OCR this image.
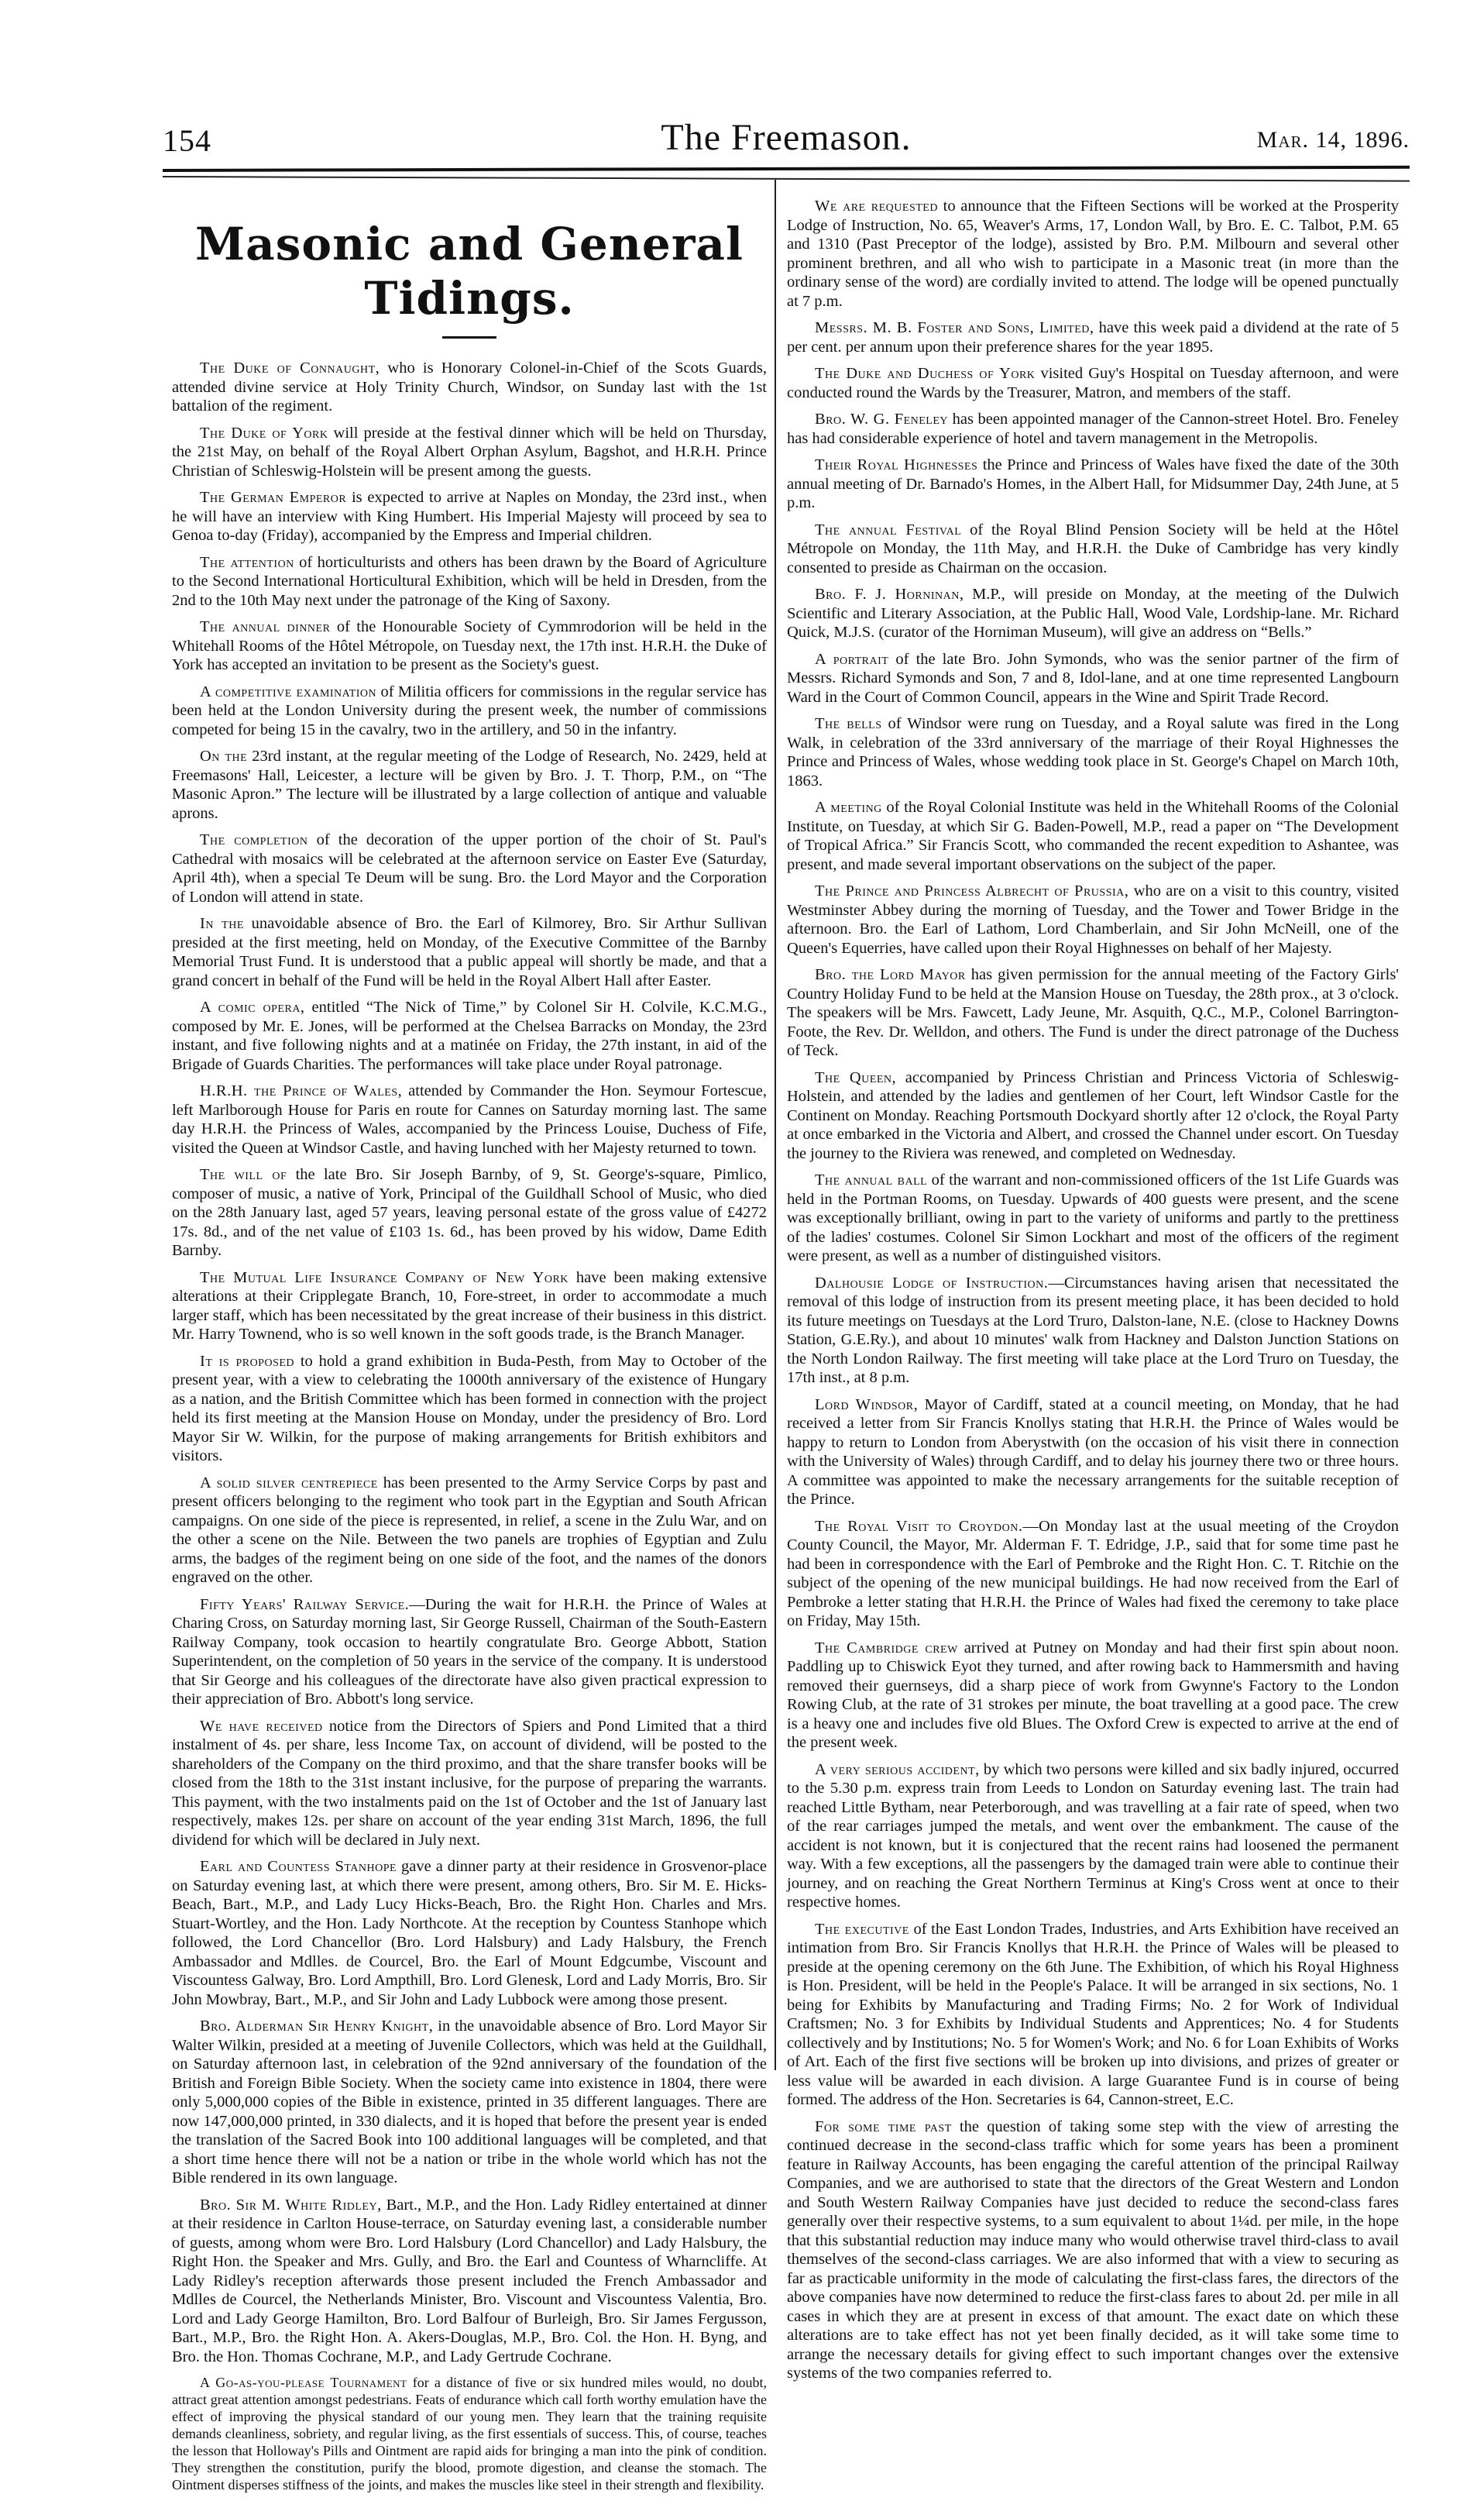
154	The Freemason.	Mar. 14, 1896.
Masonic and General Tidings.

The Duke of Connaught, who is Honorary Colonel-in-Chief of the Scots Guards, attended divine service at Holy Trinity Church, Windsor, on Sunday last with the 1st battalion of the regiment.

The Duke of York will preside at the festival dinner which will be held on Thursday, the 21st May, on behalf of the Royal Albert Orphan Asylum, Bagshot, and H.R.H. Prince Christian of Schleswig-Holstein will be present among the guests.

The German Emperor is expected to arrive at Naples on Monday, the 23rd inst., when he will have an interview with King Humbert. His Imperial Majesty will proceed by sea to Genoa to-day (Friday), accompanied by the Empress and Imperial children.

The attention of horticulturists and others has been drawn by the Board of Agriculture to the Second International Horticultural Exhibition, which will be held in Dresden, from the 2nd to the 10th May next under the patronage of the King of Saxony.

The annual dinner of the Honourable Society of Cymmrodorion will be held in the Whitehall Rooms of the Hôtel Métropole, on Tuesday next, the 17th inst. H.R.H. the Duke of York has accepted an invitation to be present as the Society's guest.

A competitive examination of Militia officers for commissions in the regular service has been held at the London University during the present week, the number of commissions competed for being 15 in the cavalry, two in the artillery, and 50 in the infantry.

On the 23rd instant, at the regular meeting of the Lodge of Research, No. 2429, held at Freemasons' Hall, Leicester, a lecture will be given by Bro. J. T. Thorp, P.M., on “The Masonic Apron.” The lecture will be illustrated by a large collection of antique and valuable aprons.

The completion of the decoration of the upper portion of the choir of St. Paul's Cathedral with mosaics will be celebrated at the afternoon service on Easter Eve (Saturday, April 4th), when a special Te Deum will be sung. Bro. the Lord Mayor and the Corporation of London will attend in state.

In the unavoidable absence of Bro. the Earl of Kilmorey, Bro. Sir Arthur Sullivan presided at the first meeting, held on Monday, of the Executive Committee of the Barnby Memorial Trust Fund. It is understood that a public appeal will shortly be made, and that a grand concert in behalf of the Fund will be held in the Royal Albert Hall after Easter.

A comic opera, entitled “The Nick of Time,” by Colonel Sir H. Colvile, K.C.M.G., composed by Mr. E. Jones, will be performed at the Chelsea Barracks on Monday, the 23rd instant, and five following nights and at a matinée on Friday, the 27th instant, in aid of the Brigade of Guards Charities. The performances will take place under Royal patronage.

H.R.H. the Prince of Wales, attended by Commander the Hon. Seymour Fortescue, left Marlborough House for Paris en route for Cannes on Saturday morning last. The same day H.R.H. the Princess of Wales, accompanied by the Princess Louise, Duchess of Fife, visited the Queen at Windsor Castle, and having lunched with her Majesty returned to town.

The will of the late Bro. Sir Joseph Barnby, of 9, St. George's-square, Pimlico, composer of music, a native of York, Principal of the Guildhall School of Music, who died on the 28th January last, aged 57 years, leaving personal estate of the gross value of £4272 17s. 8d., and of the net value of £103 1s. 6d., has been proved by his widow, Dame Edith Barnby.

The Mutual Life Insurance Company of New York have been making extensive alterations at their Cripplegate Branch, 10, Fore-street, in order to accommodate a much larger staff, which has been necessitated by the great increase of their business in this district. Mr. Harry Townend, who is so well known in the soft goods trade, is the Branch Manager.

It is proposed to hold a grand exhibition in Buda-Pesth, from May to October of the present year, with a view to celebrating the 1000th anniversary of the existence of Hungary as a nation, and the British Committee which has been formed in connection with the project held its first meeting at the Mansion House on Monday, under the presidency of Bro. Lord Mayor Sir W. Wilkin, for the purpose of making arrangements for British exhibitors and visitors.

A solid silver centrepiece has been presented to the Army Service Corps by past and present officers belonging to the regiment who took part in the Egyptian and South African campaigns. On one side of the piece is represented, in relief, a scene in the Zulu War, and on the other a scene on the Nile. Between the two panels are trophies of Egyptian and Zulu arms, the badges of the regiment being on one side of the foot, and the names of the donors engraved on the other.

Fifty Years' Railway Service.—During the wait for H.R.H. the Prince of Wales at Charing Cross, on Saturday morning last, Sir George Russell, Chairman of the South-Eastern Railway Company, took occasion to heartily congratulate Bro. George Abbott, Station Superintendent, on the completion of 50 years in the service of the company. It is understood that Sir George and his colleagues of the directorate have also given practical expression to their appreciation of Bro. Abbott's long service.

We have received notice from the Directors of Spiers and Pond Limited that a third instalment of 4s. per share, less Income Tax, on account of dividend, will be posted to the shareholders of the Company on the third proximo, and that the share transfer books will be closed from the 18th to the 31st instant inclusive, for the purpose of preparing the warrants. This payment, with the two instalments paid on the 1st of October and the 1st of January last respectively, makes 12s. per share on account of the year ending 31st March, 1896, the full dividend for which will be declared in July next.

Earl and Countess Stanhope gave a dinner party at their residence in Grosvenor-place on Saturday evening last, at which there were present, among others, Bro. Sir M. E. Hicks-Beach, Bart., M.P., and Lady Lucy Hicks-Beach, Bro. the Right Hon. Charles and Mrs. Stuart-Wortley, and the Hon. Lady Northcote. At the reception by Countess Stanhope which followed, the Lord Chancellor (Bro. Lord Halsbury) and Lady Halsbury, the French Ambassador and Mdlles. de Courcel, Bro. the Earl of Mount Edgcumbe, Viscount and Viscountess Galway, Bro. Lord Ampthill, Bro. Lord Glenesk, Lord and Lady Morris, Bro. Sir John Mowbray, Bart., M.P., and Sir John and Lady Lubbock were among those present.

Bro. Alderman Sir Henry Knight, in the unavoidable absence of Bro. Lord Mayor Sir Walter Wilkin, presided at a meeting of Juvenile Collectors, which was held at the Guildhall, on Saturday afternoon last, in celebration of the 92nd anniversary of the foundation of the British and Foreign Bible Society. When the society came into existence in 1804, there were only 5,000,000 copies of the Bible in existence, printed in 35 different languages. There are now 147,000,000 printed, in 330 dialects, and it is hoped that before the present year is ended the translation of the Sacred Book into 100 additional languages will be completed, and that a short time hence there will not be a nation or tribe in the whole world which has not the Bible rendered in its own language.

Bro. Sir M. White Ridley, Bart., M.P., and the Hon. Lady Ridley entertained at dinner at their residence in Carlton House-terrace, on Saturday evening last, a considerable number of guests, among whom were Bro. Lord Halsbury (Lord Chancellor) and Lady Halsbury, the Right Hon. the Speaker and Mrs. Gully, and Bro. the Earl and Countess of Wharncliffe. At Lady Ridley's reception afterwards those present included the French Ambassador and Mdlles de Courcel, the Netherlands Minister, Bro. Viscount and Viscountess Valentia, Bro. Lord and Lady George Hamilton, Bro. Lord Balfour of Burleigh, Bro. Sir James Fergusson, Bart., M.P., Bro. the Right Hon. A. Akers-Douglas, M.P., Bro. Col. the Hon. H. Byng, and Bro. the Hon. Thomas Cochrane, M.P., and Lady Gertrude Cochrane.

A Go-as-you-please Tournament for a distance of five or six hundred miles would, no doubt, attract great attention amongst pedestrians. Feats of endurance which call forth worthy emulation have the effect of improving the physical standard of our young men. They learn that the training requisite demands cleanliness, sobriety, and regular living, as the first essentials of success. This, of course, teaches the lesson that Holloway's Pills and Ointment are rapid aids for bringing a man into the pink of condition. They strengthen the constitution, purify the blood, promote digestion, and cleanse the stomach. The Ointment disperses stiffness of the joints, and makes the muscles like steel in their strength and flexibility.

We are requested to announce that the Fifteen Sections will be worked at the Prosperity Lodge of Instruction, No. 65, Weaver's Arms, 17, London Wall, by Bro. E. C. Talbot, P.M. 65 and 1310 (Past Preceptor of the lodge), assisted by Bro. P.M. Milbourn and several other prominent brethren, and all who wish to participate in a Masonic treat (in more than the ordinary sense of the word) are cordially invited to attend. The lodge will be opened punctually at 7 p.m.

Messrs. M. B. Foster and Sons, Limited, have this week paid a dividend at the rate of 5 per cent. per annum upon their preference shares for the year 1895.

The Duke and Duchess of York visited Guy's Hospital on Tuesday afternoon, and were conducted round the Wards by the Treasurer, Matron, and members of the staff.

Bro. W. G. Feneley has been appointed manager of the Cannon-street Hotel. Bro. Feneley has had considerable experience of hotel and tavern management in the Metropolis.

Their Royal Highnesses the Prince and Princess of Wales have fixed the date of the 30th annual meeting of Dr. Barnado's Homes, in the Albert Hall, for Midsummer Day, 24th June, at 5 p.m.

The annual Festival of the Royal Blind Pension Society will be held at the Hôtel Métropole on Monday, the 11th May, and H.R.H. the Duke of Cambridge has very kindly consented to preside as Chairman on the occasion.

Bro. F. J. Horninan, M.P., will preside on Monday, at the meeting of the Dulwich Scientific and Literary Association, at the Public Hall, Wood Vale, Lordship-lane. Mr. Richard Quick, M.J.S. (curator of the Horniman Museum), will give an address on “Bells.”

A portrait of the late Bro. John Symonds, who was the senior partner of the firm of Messrs. Richard Symonds and Son, 7 and 8, Idol-lane, and at one time represented Langbourn Ward in the Court of Common Council, appears in the Wine and Spirit Trade Record.

The bells of Windsor were rung on Tuesday, and a Royal salute was fired in the Long Walk, in celebration of the 33rd anniversary of the marriage of their Royal Highnesses the Prince and Princess of Wales, whose wedding took place in St. George's Chapel on March 10th, 1863.

A meeting of the Royal Colonial Institute was held in the Whitehall Rooms of the Colonial Institute, on Tuesday, at which Sir G. Baden-Powell, M.P., read a paper on “The Development of Tropical Africa.” Sir Francis Scott, who commanded the recent expedition to Ashantee, was present, and made several important observations on the subject of the paper.

The Prince and Princess Albrecht of Prussia, who are on a visit to this country, visited Westminster Abbey during the morning of Tuesday, and the Tower and Tower Bridge in the afternoon. Bro. the Earl of Lathom, Lord Chamberlain, and Sir John McNeill, one of the Queen's Equerries, have called upon their Royal Highnesses on behalf of her Majesty.

Bro. the Lord Mayor has given permission for the annual meeting of the Factory Girls' Country Holiday Fund to be held at the Mansion House on Tuesday, the 28th prox., at 3 o'clock. The speakers will be Mrs. Fawcett, Lady Jeune, Mr. Asquith, Q.C., M.P., Colonel Barrington-Foote, the Rev. Dr. Welldon, and others. The Fund is under the direct patronage of the Duchess of Teck.

The Queen, accompanied by Princess Christian and Princess Victoria of Schleswig-Holstein, and attended by the ladies and gentlemen of her Court, left Windsor Castle for the Continent on Monday. Reaching Portsmouth Dockyard shortly after 12 o'clock, the Royal Party at once embarked in the Victoria and Albert, and crossed the Channel under escort. On Tuesday the journey to the Riviera was renewed, and completed on Wednesday.

The annual ball of the warrant and non-commissioned officers of the 1st Life Guards was held in the Portman Rooms, on Tuesday. Upwards of 400 guests were present, and the scene was exceptionally brilliant, owing in part to the variety of uniforms and partly to the prettiness of the ladies' costumes. Colonel Sir Simon Lockhart and most of the officers of the regiment were present, as well as a number of distinguished visitors.

Dalhousie Lodge of Instruction.—Circumstances having arisen that necessitated the removal of this lodge of instruction from its present meeting place, it has been decided to hold its future meetings on Tuesdays at the Lord Truro, Dalston-lane, N.E. (close to Hackney Downs Station, G.E.Ry.), and about 10 minutes' walk from Hackney and Dalston Junction Stations on the North London Railway. The first meeting will take place at the Lord Truro on Tuesday, the 17th inst., at 8 p.m.

Lord Windsor, Mayor of Cardiff, stated at a council meeting, on Monday, that he had received a letter from Sir Francis Knollys stating that H.R.H. the Prince of Wales would be happy to return to London from Aberystwith (on the occasion of his visit there in connection with the University of Wales) through Cardiff, and to delay his journey there two or three hours. A committee was appointed to make the necessary arrangements for the suitable reception of the Prince.

The Royal Visit to Croydon.—On Monday last at the usual meeting of the Croydon County Council, the Mayor, Mr. Alderman F. T. Edridge, J.P., said that for some time past he had been in correspondence with the Earl of Pembroke and the Right Hon. C. T. Ritchie on the subject of the opening of the new municipal buildings. He had now received from the Earl of Pembroke a letter stating that H.R.H. the Prince of Wales had fixed the ceremony to take place on Friday, May 15th.

The Cambridge crew arrived at Putney on Monday and had their first spin about noon. Paddling up to Chiswick Eyot they turned, and after rowing back to Hammersmith and having removed their guernseys, did a sharp piece of work from Gwynne's Factory to the London Rowing Club, at the rate of 31 strokes per minute, the boat travelling at a good pace. The crew is a heavy one and includes five old Blues. The Oxford Crew is expected to arrive at the end of the present week.

A very serious accident, by which two persons were killed and six badly injured, occurred to the 5.30 p.m. express train from Leeds to London on Saturday evening last. The train had reached Little Bytham, near Peterborough, and was travelling at a fair rate of speed, when two of the rear carriages jumped the metals, and went over the embankment. The cause of the accident is not known, but it is conjectured that the recent rains had loosened the permanent way. With a few exceptions, all the passengers by the damaged train were able to continue their journey, and on reaching the Great Northern Terminus at King's Cross went at once to their respective homes.

The executive of the East London Trades, Industries, and Arts Exhibition have received an intimation from Bro. Sir Francis Knollys that H.R.H. the Prince of Wales will be pleased to preside at the opening ceremony on the 6th June. The Exhibition, of which his Royal Highness is Hon. President, will be held in the People's Palace. It will be arranged in six sections, No. 1 being for Exhibits by Manufacturing and Trading Firms; No. 2 for Work of Individual Craftsmen; No. 3 for Exhibits by Individual Students and Apprentices; No. 4 for Students collectively and by Institutions; No. 5 for Women's Work; and No. 6 for Loan Exhibits of Works of Art. Each of the first five sections will be broken up into divisions, and prizes of greater or less value will be awarded in each division. A large Guarantee Fund is in course of being formed. The address of the Hon. Secretaries is 64, Cannon-street, E.C.

For some time past the question of taking some step with the view of arresting the continued decrease in the second-class traffic which for some years has been a prominent feature in Railway Accounts, has been engaging the careful attention of the principal Railway Companies, and we are authorised to state that the directors of the Great Western and London and South Western Railway Companies have just decided to reduce the second-class fares generally over their respective systems, to a sum equivalent to about 1¼d. per mile, in the hope that this substantial reduction may induce many who would otherwise travel third-class to avail themselves of the second-class carriages. We are also informed that with a view to securing as far as practicable uniformity in the mode of calculating the first-class fares, the directors of the above companies have now determined to reduce the first-class fares to about 2d. per mile in all cases in which they are at present in excess of that amount. The exact date on which these alterations are to take effect has not yet been finally decided, as it will take some time to arrange the necessary details for giving effect to such important changes over the extensive systems of the two companies referred to.
